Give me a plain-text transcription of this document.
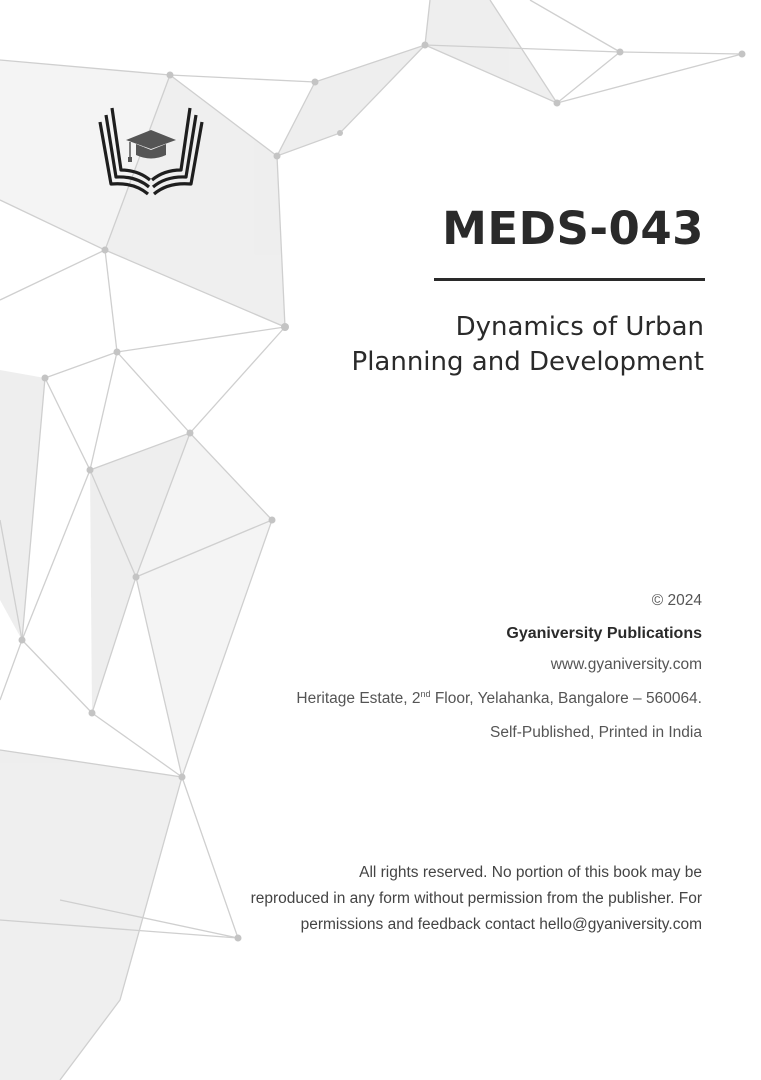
MEDS-043
Dynamics of Urban
Planning and Development
© 2024
Gyaniversity Publications
www.gyaniversity.com
Heritage Estate, 2nd Floor, Yelahanka, Bangalore – 560064.
Self-Published, Printed in India
All rights reserved. No portion of this book may be
reproduced in any form without permission from the publisher. For
permissions and feedback contact hello@gyaniversity.com
